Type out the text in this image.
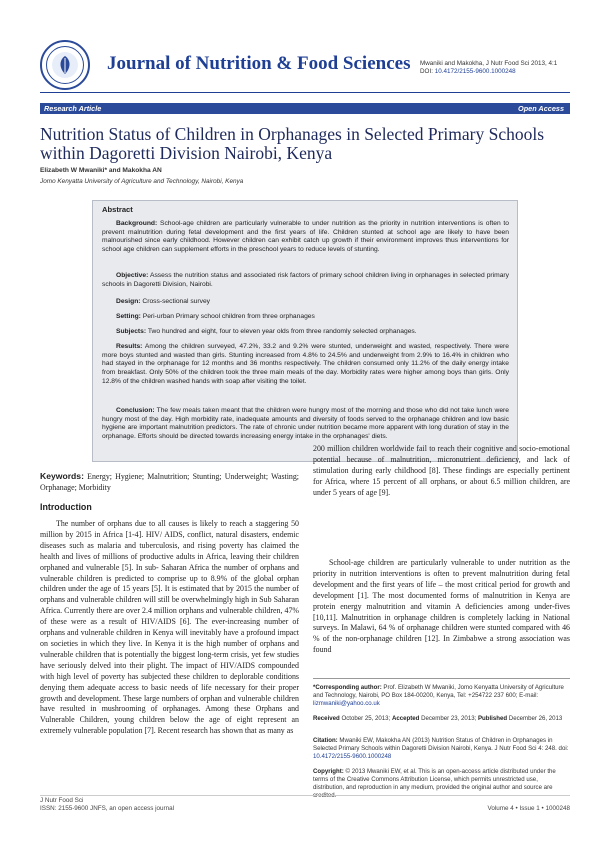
Journal of Nutrition & Food Sciences Mwaniki and Makokha, J Nutr Food Sci 2013, 4:1
DOI: 10.4172/2155-9600.1000248
Research Article	Open Access
Nutrition Status of Children in Orphanages in Selected Primary Schools within Dagoretti Division Nairobi, Kenya
Elizabeth W Mwaniki* and Makokha AN
Jomo Kenyatta University of Agriculture and Technology, Nairobi, Kenya
Abstract
Background: School-age children are particularly vulnerable to under nutrition as the priority in nutrition interventions is often to prevent malnutrition during fetal development and the first years of life. Children stunted at school age are likely to have been malnourished since early childhood. However children can exhibit catch up growth if their environment improves thus interventions for school age children can supplement efforts in the preschool years to reduce levels of stunting.
Objective: Assess the nutrition status and associated risk factors of primary school children living in orphanages in selected primary schools in Dagoretti Division, Nairobi.
Design: Cross-sectional survey
Setting: Peri-urban Primary school children from three orphanages
Subjects: Two hundred and eight, four to eleven year olds from three randomly selected orphanages.
Results: Among the children surveyed, 47.2%, 33.2 and 9.2% were stunted, underweight and wasted, respectively. There were more boys stunted and wasted than girls. Stunting increased from 4.8% to 24.5% and underweight from 2.9% to 16.4% in children who had stayed in the orphanage for 12 months and 36 months respectively. The children consumed only 11.2% of the daily energy intake from breakfast. Only 50% of the children took the three main meals of the day. Morbidity rates were higher among boys than girls. Only 12.8% of the children washed hands with soap after visiting the toilet.
Conclusion: The few meals taken meant that the children were hungry most of the morning and those who did not take lunch were hungry most of the day. High morbidity rate, inadequate amounts and diversity of foods served to the orphanage children and low basic hygiene are important malnutrition predictors. The rate of chronic under nutrition became more apparent with long duration of stay in the orphanage. Efforts should be directed towards increasing energy intake in the orphanages' diets.
Keywords: Energy; Hygiene; Malnutrition; Stunting; Underweight; Wasting; Orphanage; Morbidity
Introduction
The number of orphans due to all causes is likely to reach a staggering 50 million by 2015 in Africa [1-4]. HIV/ AIDS, conflict, natural disasters, endemic diseases such as malaria and tuberculosis, and rising poverty has claimed the health and lives of millions of productive adults in Africa, leaving their children orphaned and vulnerable [5]. In sub- Saharan Africa the number of orphans and vulnerable children is predicted to comprise up to 8.9% of the global orphan children under the age of 15 years [5]. It is estimated that by 2015 the number of orphans and vulnerable children will still be overwhelmingly high in Sub Saharan Africa. Currently there are over 2.4 million orphans and vulnerable children, 47% of these were as a result of HIV/AIDS [6]. The ever-increasing number of orphans and vulnerable children in Kenya will inevitably have a profound impact on societies in which they live. In Kenya it is the high number of orphans and vulnerable children that is potentially the biggest long-term crisis, yet few studies have seriously delved into their plight. The impact of HIV/AIDS compounded with high level of poverty has subjected these children to deplorable conditions denying them adequate access to basic needs of life necessary for their proper growth and development. These large numbers of orphan and vulnerable children have resulted in mushrooming of orphanages. Among these Orphans and Vulnerable Children, young children below the age of eight represent an extremely vulnerable population [7]. Recent research has shown that as many as
200 million children worldwide fail to reach their cognitive and socio-emotional potential because of malnutrition, micronutrient deficiency, and lack of stimulation during early childhood [8]. These findings are especially pertinent for Africa, where 15 percent of all orphans, or about 6.5 million children, are under 5 years of age [9].
School-age children are particularly vulnerable to under nutrition as the priority in nutrition interventions is often to prevent malnutrition during fetal development and the first years of life – the most critical period for growth and development [1]. The most documented forms of malnutrition in Kenya are protein energy malnutrition and vitamin A deficiencies among under-fives [10,11]. Malnutrition in orphanage children is completely lacking in National surveys. In Malawi, 64 % of orphanage children were stunted compared with 46 % of the non-orphanage children [12]. In Zimbabwe a strong association was found
*Corresponding author: Prof. Elizabeth W Mwaniki, Jomo Kenyatta University of Agriculture and Technology, Nairobi, PO Box 184-00200, Kenya, Tel: +254722 237 600; E-mail: lizmwaniki@yahoo.co.uk
Received October 25, 2013; Accepted December 23, 2013; Published December 26, 2013
Citation: Mwaniki EW, Makokha AN (2013) Nutrition Status of Children in Orphanages in Selected Primary Schools within Dagoretti Division Nairobi, Kenya. J Nutr Food Sci 4: 248. doi: 10.4172/2155-9600.1000248
Copyright: © 2013 Mwaniki EW, et al. This is an open-access article distributed under the terms of the Creative Commons Attribution License, which permits unrestricted use, distribution, and reproduction in any medium, provided the original author and source are
J Nutr Food Sci
ISSN: 2155-9600 JNFS, an open access journal	Volume 4 • Issue 1 • 1000248
